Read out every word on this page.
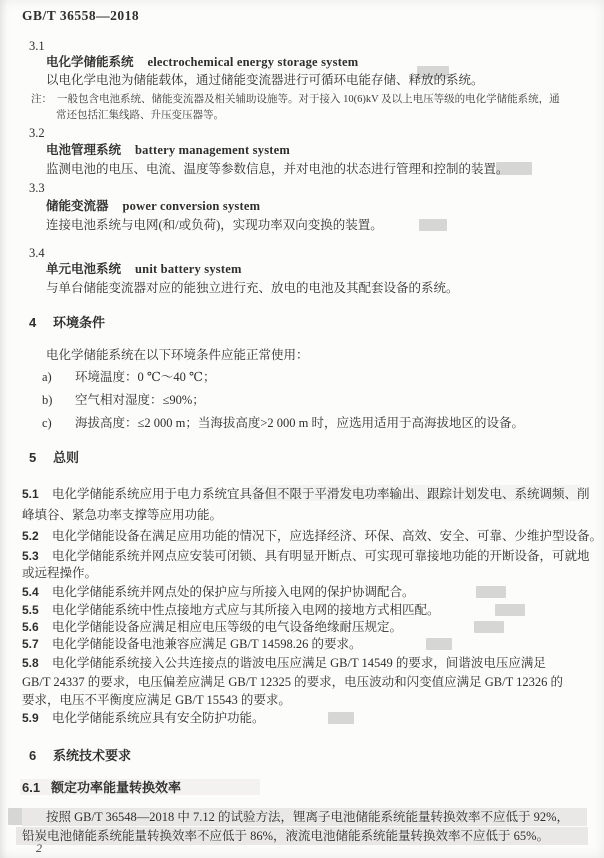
GB/T 36558—2018
3.1
电化学储能系统 electrochemical energy storage system
以电化学电池为储能载体，通过储能变流器进行可循环电能存储、释放的系统。
注： 一般包含电池系统、储能变流器及相关辅助设施等。对于接入 10(6)kV 及以上电压等级的电化学储能系统，通
常还包括汇集线路、升压变压器等。
3.2
电池管理系统 battery management system
监测电池的电压、电流、温度等参数信息，并对电池的状态进行管理和控制的装置。
3.3
储能变流器 power conversion system
连接电池系统与电网(和/或负荷)，实现功率双向变换的装置。
3.4
单元电池系统 unit battery system
与单台储能变流器对应的能独立进行充、放电的电池及其配套设备的系统。
4 环境条件
电化学储能系统在以下环境条件应能正常使用：
a) 环境温度：0 ℃～40 ℃；
b) 空气相对湿度：≤90%；
c) 海拔高度：≤2 000 m；当海拔高度>2 000 m 时，应选用适用于高海拔地区的设备。
5 总则
5.1 电化学储能系统应用于电力系统宜具备但不限于平滑发电功率输出、跟踪计划发电、系统调频、削
峰填谷、紧急功率支撑等应用功能。
5.2 电化学储能设备在满足应用功能的情况下，应选择经济、环保、高效、安全、可靠、少维护型设备。
5.3 电化学储能系统并网点应安装可闭锁、具有明显开断点、可实现可靠接地功能的开断设备，可就地
或远程操作。
5.4 电化学储能系统并网点处的保护应与所接入电网的保护协调配合。
5.5 电化学储能系统中性点接地方式应与其所接入电网的接地方式相匹配。
5.6 电化学储能设备应满足相应电压等级的电气设备绝缘耐压规定。
5.7 电化学储能设备电池兼容应满足 GB/T 14598.26 的要求。
5.8 电化学储能系统接入公共连接点的谐波电压应满足 GB/T 14549 的要求，间谐波电压应满足
GB/T 24337 的要求，电压偏差应满足 GB/T 12325 的要求，电压波动和闪变值应满足 GB/T 12326 的
要求，电压不平衡度应满足 GB/T 15543 的要求。
5.9 电化学储能系统应具有安全防护功能。
6 系统技术要求
6.1 额定功率能量转换效率
按照 GB/T 36548—2018 中 7.12 的试验方法，锂离子电池储能系统能量转换效率不应低于 92%，
铅炭电池储能系统能量转换效率不应低于 86%，液流电池储能系统能量转换效率不应低于 65%。
2
